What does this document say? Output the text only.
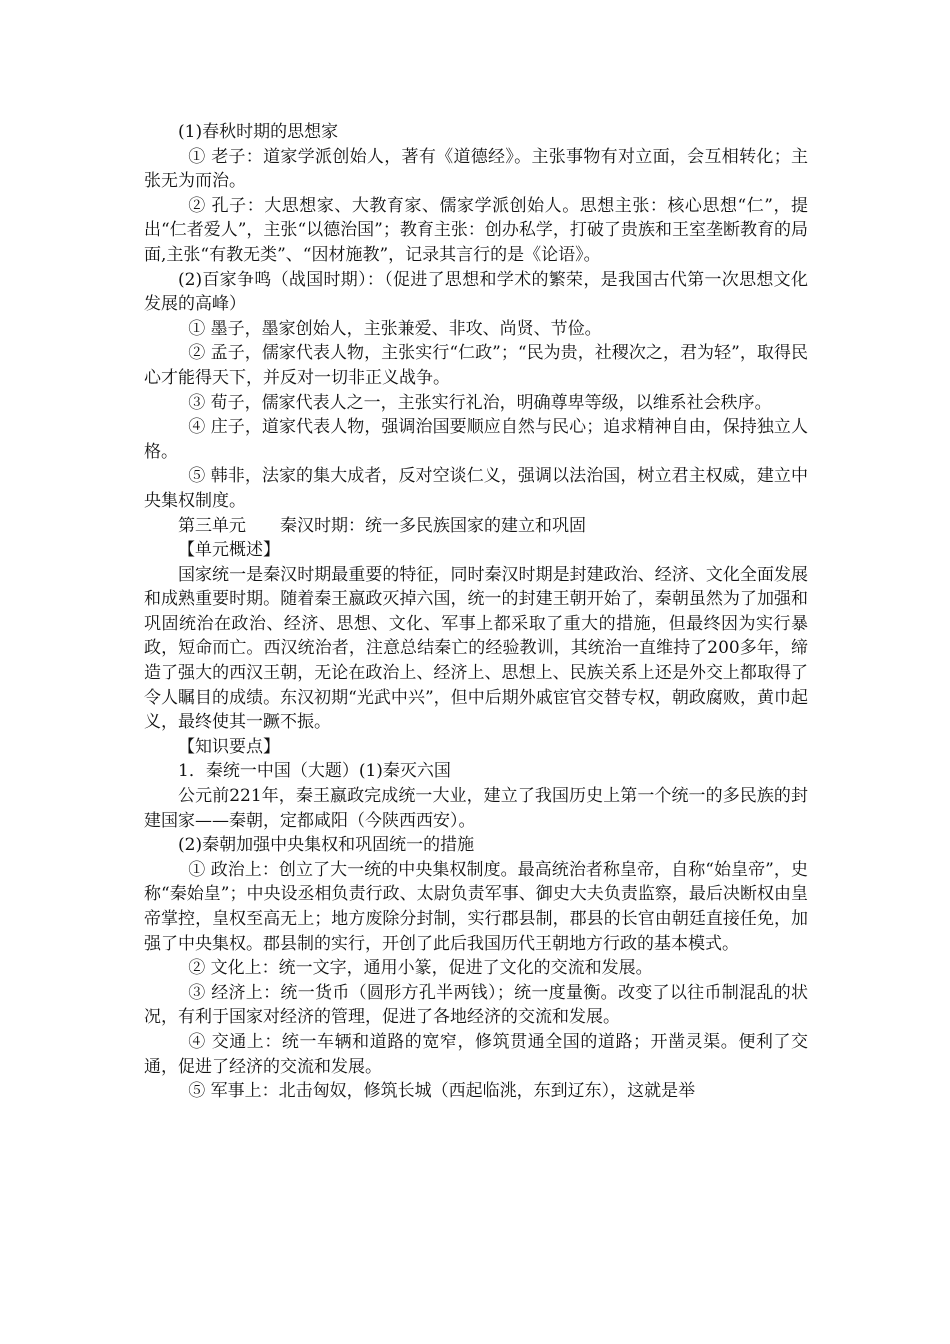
(1)春秋时期的思想家

① 老子：道家学派创始人，著有《道德经》。主张事物有对立面，会互相转化；主张无为而治。

② 孔子：大思想家、大教育家、儒家学派创始人。思想主张：核心思想“仁”，提出“仁者爱人”，主张“以德治国”；教育主张：创办私学，打破了贵族和王室垄断教育的局面,主张“有教无类”、“因材施教”，记录其言行的是《论语》。

(2)百家争鸣（战国时期）：（促进了思想和学术的繁荣，是我国古代第一次思想文化发展的高峰）

① 墨子，墨家创始人，主张兼爱、非攻、尚贤、节俭。

② 孟子，儒家代表人物，主张实行“仁政”；“民为贵，社稷次之，君为轻”，取得民心才能得天下，并反对一切非正义战争。

③ 荀子，儒家代表人之一，主张实行礼治，明确尊卑等级，以维系社会秩序。

④ 庄子，道家代表人物，强调治国要顺应自然与民心；追求精神自由，保持独立人格。

⑤ 韩非，法家的集大成者，反对空谈仁义，强调以法治国，树立君主权威，建立中央集权制度。

第三单元　　秦汉时期：统一多民族国家的建立和巩固

【单元概述】

国家统一是秦汉时期最重要的特征，同时秦汉时期是封建政治、经济、文化全面发展和成熟重要时期。随着秦王嬴政灭掉六国，统一的封建王朝开始了，秦朝虽然为了加强和巩固统治在政治、经济、思想、文化、军事上都采取了重大的措施，但最终因为实行暴政，短命而亡。西汉统治者，注意总结秦亡的经验教训，其统治一直维持了200多年，缔造了强大的西汉王朝，无论在政治上、经济上、思想上、民族关系上还是外交上都取得了令人瞩目的成绩。东汉初期“光武中兴”，但中后期外戚宦官交替专权，朝政腐败，黄巾起义，最终使其一蹶不振。

【知识要点】

1．秦统一中国（大题）(1)秦灭六国

公元前221年，秦王嬴政完成统一大业，建立了我国历史上第一个统一的多民族的封建国家——秦朝，定都咸阳（今陕西西安）。

(2)秦朝加强中央集权和巩固统一的措施

① 政治上：创立了大一统的中央集权制度。最高统治者称皇帝，自称“始皇帝”，史称“秦始皇”；中央设丞相负责行政、太尉负责军事、御史大夫负责监察，最后决断权由皇帝掌控，皇权至高无上；地方废除分封制，实行郡县制，郡县的长官由朝廷直接任免，加强了中央集权。郡县制的实行，开创了此后我国历代王朝地方行政的基本模式。

② 文化上：统一文字，通用小篆，促进了文化的交流和发展。

③ 经济上：统一货币（圆形方孔半两钱）；统一度量衡。改变了以往币制混乱的状况，有利于国家对经济的管理，促进了各地经济的交流和发展。

④ 交通上：统一车辆和道路的宽窄，修筑贯通全国的道路；开凿灵渠。便利了交通，促进了经济的交流和发展。

⑤ 军事上：北击匈奴，修筑长城（西起临洮，东到辽东），这就是举
